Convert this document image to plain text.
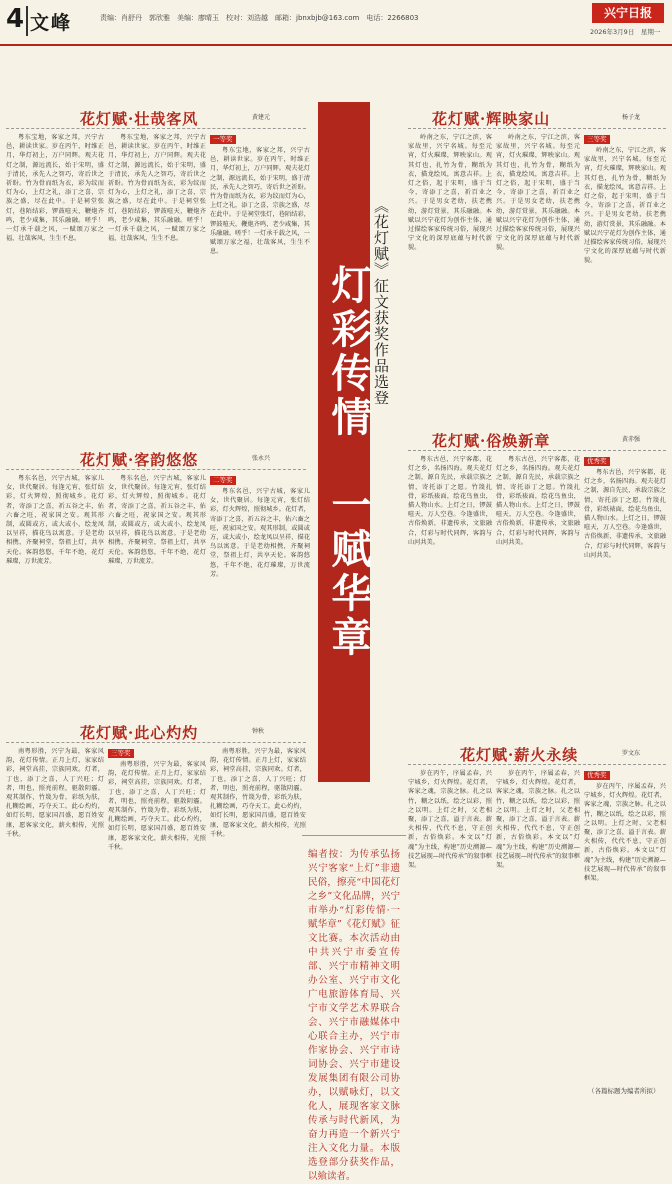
4 文峰	责编：肖舒丹　郭欣雅　美编：廖晴玉　校对：刘浩越　邮箱：jbnxbjb@163.com　电话：2266803	兴宁日报
2026年3月9日　星期一
花灯赋·壮哉客风	黄建元

粤东宝地，客家之邦，兴宁古邑，耕读世家。岁在丙午，时维正月，华灯初上，万户同辉。观夫花灯之制，源远流长，始于宋明，盛于清民，承先人之智巧，寄后世之祈盼。竹为骨而纸为衣，彩为纹而灯为心，上灯之礼，添丁之喜，宗族之盛，尽在此中。于是祠堂张灯，巷陌结彩，锣鼓喧天，鞭炮齐鸣，老少咸集，其乐融融。嗟乎！一灯承千载之风，一赋颂万家之福，壮哉客风，生生不息。

粤东宝地，客家之邦，兴宁古邑，耕读世家。岁在丙午，时维正月，华灯初上，万户同辉。观夫花灯之制，源远流长，始于宋明，盛于清民，承先人之智巧，寄后世之祈盼。竹为骨而纸为衣，彩为纹而灯为心，上灯之礼，添丁之喜，宗族之盛，尽在此中。于是祠堂张灯，巷陌结彩，锣鼓喧天，鞭炮齐鸣，老少咸集，其乐融融。嗟乎！一灯承千载之风，一赋颂万家之福，壮哉客风，生生不息。

一等奖

粤东宝地，客家之邦，兴宁古邑，耕读世家。岁在丙午，时维正月，华灯初上，万户同辉。观夫花灯之制，源远流长，始于宋明，盛于清民，承先人之智巧，寄后世之祈盼。竹为骨而纸为衣，彩为纹而灯为心，上灯之礼，添丁之喜，宗族之盛，尽在此中。于是祠堂张灯，巷陌结彩，锣鼓喧天，鞭炮齐鸣，老少咸集，其乐融融。嗟乎！一灯承千载之风，一赋颂万家之福，壮哉客风，生生不息。

花灯赋·客韵悠悠	张永兴

粤东名邑，兴宁古城，客家儿女，世代聚居。每逢元宵，张灯结彩，灯火辉煌，照彻城乡。花灯者，寄添丁之喜，祈五谷之丰，佑六畜之旺，祝家国之安。观其形制，或圆或方，或大或小，绘龙凤以呈祥，描花鸟以寓意。于是老幼相携，齐聚祠堂，祭祖上灯，共享天伦。客韵悠悠，千年不绝，花灯璀璨，万世流芳。

粤东名邑，兴宁古城，客家儿女，世代聚居。每逢元宵，张灯结彩，灯火辉煌，照彻城乡。花灯者，寄添丁之喜，祈五谷之丰，佑六畜之旺，祝家国之安。观其形制，或圆或方，或大或小，绘龙凤以呈祥，描花鸟以寓意。于是老幼相携，齐聚祠堂，祭祖上灯，共享天伦。客韵悠悠，千年不绝，花灯璀璨，万世流芳。

二等奖

粤东名邑，兴宁古城，客家儿女，世代聚居。每逢元宵，张灯结彩，灯火辉煌，照彻城乡。花灯者，寄添丁之喜，祈五谷之丰，佑六畜之旺，祝家国之安。观其形制，或圆或方，或大或小，绘龙凤以呈祥，描花鸟以寓意。于是老幼相携，齐聚祠堂，祭祖上灯，共享天伦。客韵悠悠，千年不绝，花灯璀璨，万世流芳。

花灯赋·此心灼灼	钟秋

南粤形胜，兴宁为最，客家风韵，花灯传情。正月上灯，家家结彩，祠堂高挂，宗族同欢。灯者，丁也，添丁之喜，人丁兴旺；灯者，明也，照亮前程，驱散阴霾。观其制作，竹篾为骨，彩纸为肤，扎糊绘画，巧夺天工。此心灼灼，如灯长明，愿家国昌盛，愿百姓安康，愿客家文化，薪火相传，光照千秋。

三等奖

南粤形胜，兴宁为最，客家风韵，花灯传情。正月上灯，家家结彩，祠堂高挂，宗族同欢。灯者，丁也，添丁之喜，人丁兴旺；灯者，明也，照亮前程，驱散阴霾。观其制作，竹篾为骨，彩纸为肤，扎糊绘画，巧夺天工。此心灼灼，如灯长明，愿家国昌盛，愿百姓安康，愿客家文化，薪火相传，光照千秋。

南粤形胜，兴宁为最，客家风韵，花灯传情。正月上灯，家家结彩，祠堂高挂，宗族同欢。灯者，丁也，添丁之喜，人丁兴旺；灯者，明也，照亮前程，驱散阴霾。观其制作，竹篾为骨，彩纸为肤，扎糊绘画，巧夺天工。此心灼灼，如灯长明，愿家国昌盛，愿百姓安康，愿客家文化，薪火相传，光照千秋。

灯彩传情　一赋华章 《花灯赋》征文获奖作品选登
编者按：为传承弘扬兴宁客家“上灯”非遗民俗，擦亮“中国花灯之乡”文化品牌，兴宁市举办“灯彩传情·一赋华章”《花灯赋》征文比赛。本次活动由中共兴宁市委宣传部、兴宁市精神文明办公室、兴宁市文化广电旅游体育局、兴宁市文学艺术界联合会、兴宁市融媒体中心联合主办，兴宁市作家协会、兴宁市诗词协会、兴宁市建设发展集团有限公司协办，以赋咏灯，以文化人，展现客家文脉传承与时代新风，为奋力再造一个新兴宁注入文化力量。本版选登部分获奖作品，以飨读者。
花灯赋·辉映家山	杨子龙

岭南之东，宁江之滨，客家故里，兴宁名城。每至元宵，灯火璀璨，辉映家山。观其灯也，扎竹为骨，糊纸为衣，描龙绘凤，寓意吉祥。上灯之俗，起于宋明，盛于当今，寄添丁之喜，祈百业之兴。于是男女老幼，扶老携幼，游灯赏景，其乐融融。本赋以兴宁花灯为创作主体，通过描绘客家传统习俗，展现兴宁文化的深厚底蕴与时代新貌。

岭南之东，宁江之滨，客家故里，兴宁名城。每至元宵，灯火璀璨，辉映家山。观其灯也，扎竹为骨，糊纸为衣，描龙绘凤，寓意吉祥。上灯之俗，起于宋明，盛于当今，寄添丁之喜，祈百业之兴。于是男女老幼，扶老携幼，游灯赏景，其乐融融。本赋以兴宁花灯为创作主体，通过描绘客家传统习俗，展现兴宁文化的深厚底蕴与时代新貌。

三等奖

岭南之东，宁江之滨，客家故里，兴宁名城。每至元宵，灯火璀璨，辉映家山。观其灯也，扎竹为骨，糊纸为衣，描龙绘凤，寓意吉祥。上灯之俗，起于宋明，盛于当今，寄添丁之喜，祈百业之兴。于是男女老幼，扶老携幼，游灯赏景，其乐融融。本赋以兴宁花灯为创作主体，通过描绘客家传统习俗，展现兴宁文化的深厚底蕴与时代新貌。

花灯赋·俗焕新章	黄赤强

粤东古邑，兴宁客都，花灯之乡，名扬四海。观夫花灯之制，源自先民，承载宗族之情，寄托添丁之愿。竹篾扎骨，彩纸裱面，绘花鸟鱼虫，描人物山水。上灯之日，锣鼓喧天，万人空巷。今逢盛世，古俗焕新，非遗传承，文旅融合，灯彩与时代同辉，客韵与山河共美。

粤东古邑，兴宁客都，花灯之乡，名扬四海。观夫花灯之制，源自先民，承载宗族之情，寄托添丁之愿。竹篾扎骨，彩纸裱面，绘花鸟鱼虫，描人物山水。上灯之日，锣鼓喧天，万人空巷。今逢盛世，古俗焕新，非遗传承，文旅融合，灯彩与时代同辉，客韵与山河共美。

优秀奖

粤东古邑，兴宁客都，花灯之乡，名扬四海。观夫花灯之制，源自先民，承载宗族之情，寄托添丁之愿。竹篾扎骨，彩纸裱面，绘花鸟鱼虫，描人物山水。上灯之日，锣鼓喧天，万人空巷。今逢盛世，古俗焕新，非遗传承，文旅融合，灯彩与时代同辉，客韵与山河共美。

花灯赋·薪火永续	罗文东

岁在丙午，序属孟春，兴宁城乡，灯火辉煌。花灯者，客家之魂，宗族之脉。扎之以竹，糊之以纸，绘之以彩，照之以明。上灯之时，父老相聚，添丁之喜，溢于言表。薪火相传，代代不息，守正创新，古俗焕彩。本文以“灯魂”为主线，构建“历史溯源—技艺展现—时代传承”的叙事框架。

岁在丙午，序属孟春，兴宁城乡，灯火辉煌。花灯者，客家之魂，宗族之脉。扎之以竹，糊之以纸，绘之以彩，照之以明。上灯之时，父老相聚，添丁之喜，溢于言表。薪火相传，代代不息，守正创新，古俗焕彩。本文以“灯魂”为主线，构建“历史溯源—技艺展现—时代传承”的叙事框架。

优秀奖

岁在丙午，序属孟春，兴宁城乡，灯火辉煌。花灯者，客家之魂，宗族之脉。扎之以竹，糊之以纸，绘之以彩，照之以明。上灯之时，父老相聚，添丁之喜，溢于言表。薪火相传，代代不息，守正创新，古俗焕彩。本文以“灯魂”为主线，构建“历史溯源—技艺展现—时代传承”的叙事框架。

（各篇标题为编者所拟）
